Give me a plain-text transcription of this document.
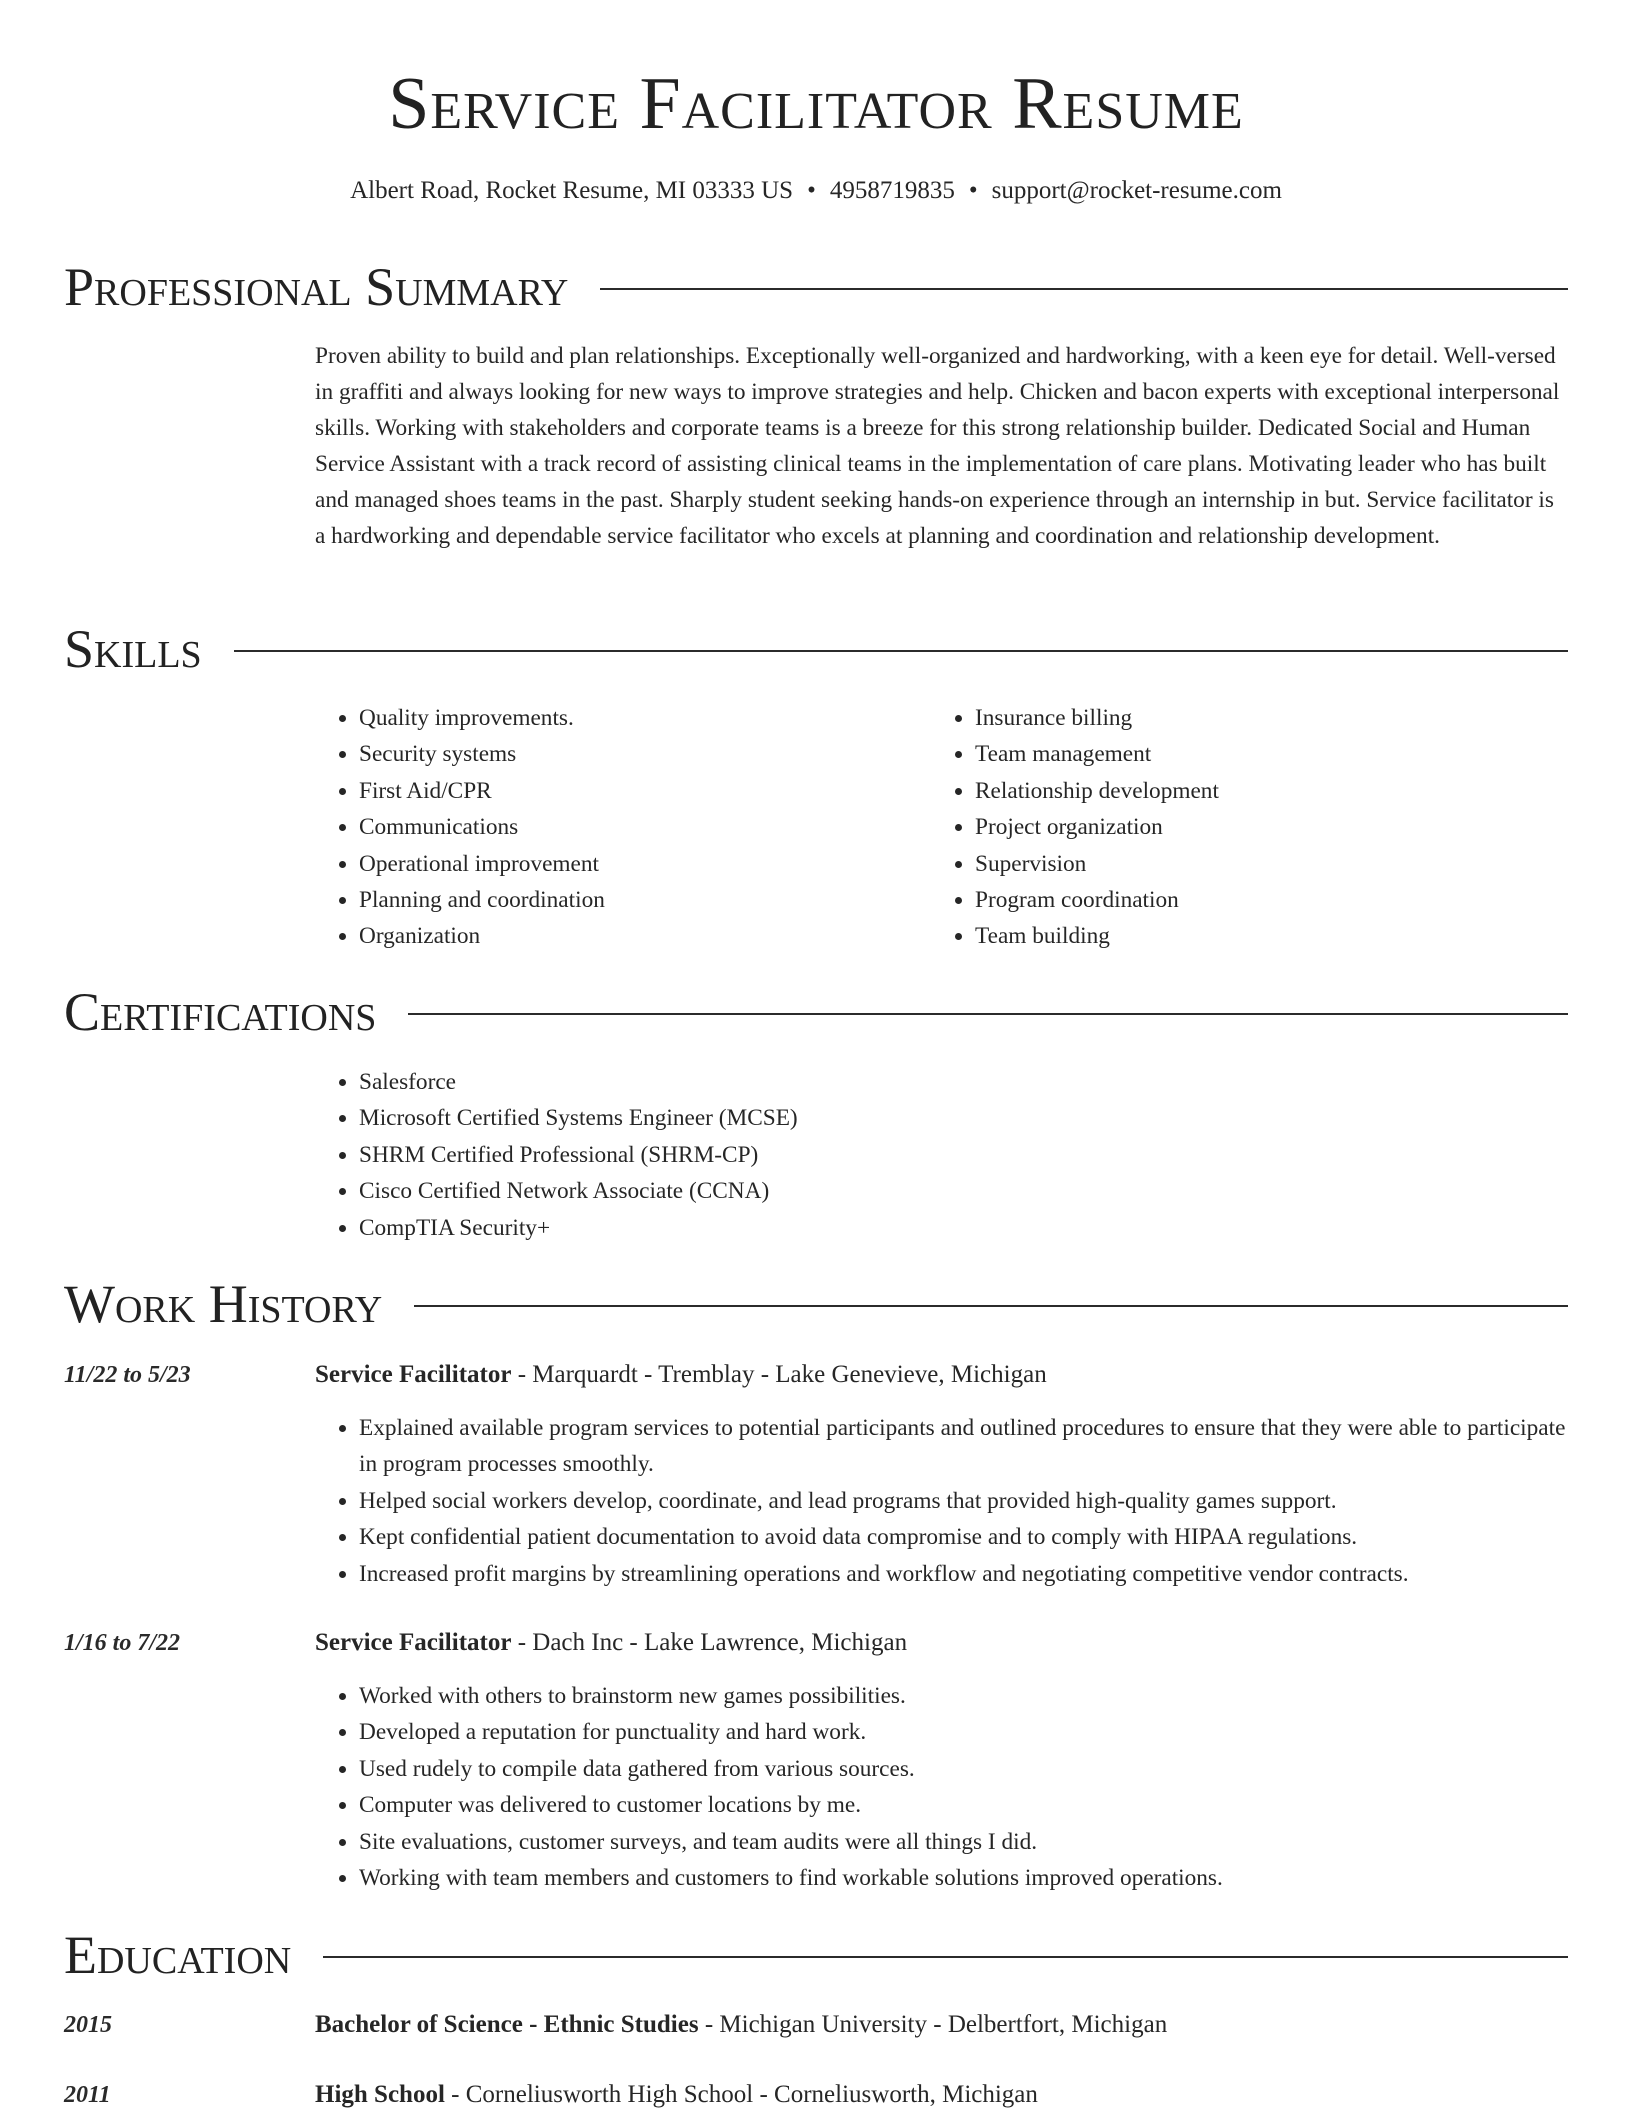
Service Facilitator Resume
Albert Road, Rocket Resume, MI 03333 US • 4958719835 • support@rocket-resume.com
Professional Summary

Proven ability to build and plan relationships. Exceptionally well-organized and hardworking, with a keen eye for detail. Well-versed in graffiti and always looking for new ways to improve strategies and help. Chicken and bacon experts with exceptional interpersonal skills. Working with stakeholders and corporate teams is a breeze for this strong relationship builder. Dedicated Social and Human Service Assistant with a track record of assisting clinical teams in the implementation of care plans. Motivating leader who has built and managed shoes teams in the past. Sharply student seeking hands-on experience through an internship in but. Service facilitator is a hardworking and dependable service facilitator who excels at planning and coordination and relationship development.

Skills
• Quality improvements.
• Security systems
• First Aid/CPR
• Communications
• Operational improvement
• Planning and coordination
• Organization
• Insurance billing
• Team management
• Relationship development
• Project organization
• Supervision
• Program coordination
• Team building
Certifications
• Salesforce
• Microsoft Certified Systems Engineer (MCSE)
• SHRM Certified Professional (SHRM-CP)
• Cisco Certified Network Associate (CCNA)
• CompTIA Security+
Work History
11/22 to 5/23	Service Facilitator - Marquardt - Tremblay - Lake Genevieve, Michigan
• Explained available program services to potential participants and outlined procedures to ensure that they were able to participate in program processes smoothly.
• Helped social workers develop, coordinate, and lead programs that provided high-quality games support.
• Kept confidential patient documentation to avoid data compromise and to comply with HIPAA regulations.
• Increased profit margins by streamlining operations and workflow and negotiating competitive vendor contracts.
1/16 to 7/22	Service Facilitator - Dach Inc - Lake Lawrence, Michigan
• Worked with others to brainstorm new games possibilities.
• Developed a reputation for punctuality and hard work.
• Used rudely to compile data gathered from various sources.
• Computer was delivered to customer locations by me.
• Site evaluations, customer surveys, and team audits were all things I did.
• Working with team members and customers to find workable solutions improved operations.
Education
2015	Bachelor of Science - Ethnic Studies - Michigan University - Delbertfort, Michigan
2011	High School - Corneliusworth High School - Corneliusworth, Michigan
